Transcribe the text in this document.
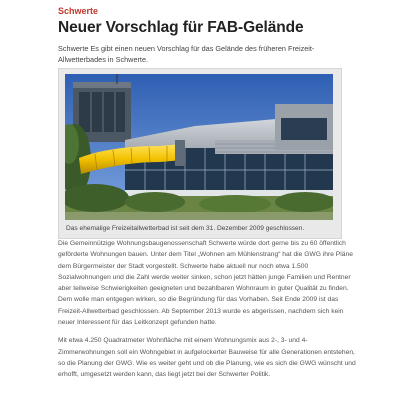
Schwerte
Neuer Vorschlag für FAB-Gelände
Schwerte Es gibt einen neuen Vorschlag für das Gelände des früheren Freizeit-Allwetterbades in Schwerte.
Das ehemalige Freizeitallwetterbad ist seit dem 31. Dezember 2009 geschlossen.

Die Gemeinnützige Wohnungsbaugenossenschaft Schwerte würde dort gerne bis zu 60 öffentlich geförderte Wohnungen bauen. Unter dem Titel „Wohnen am Mühlenstrang“ hat die GWG ihre Pläne dem Bürgermeister der Stadt vorgestellt. Schwerte habe aktuell nur noch etwa 1.500 Sozialwohnungen und die Zahl werde weiter sinken, schon jetzt hätten junge Familien und Rentner aber teilweise Schwierigkeiten geeigneten und bezahlbaren Wohnraum in guter Qualität zu finden. Dem wolle man entgegen wirken, so die Begründung für das Vorhaben. Seit Ende 2009 ist das Freizeit-Allwetterbad geschlossen. Ab September 2013 wurde es abgerissen, nachdem sich kein neuer Interessent für das Leitkonzept gefunden hatte.

Mit etwa 4.250 Quadratmeter Wohnfläche mit einem Wohnungsmix aus 2-, 3- und 4-Zimmerwohnungen soll ein Wohngebiet in aufgelockerter Bauweise für alle Generationen entstehen, so die Planung der GWG. Wie es weiter geht und ob die Planung, wie es sich die GWG wünscht und erhofft, umgesetzt werden kann, das liegt jetzt bei der Schwerter Politik.
